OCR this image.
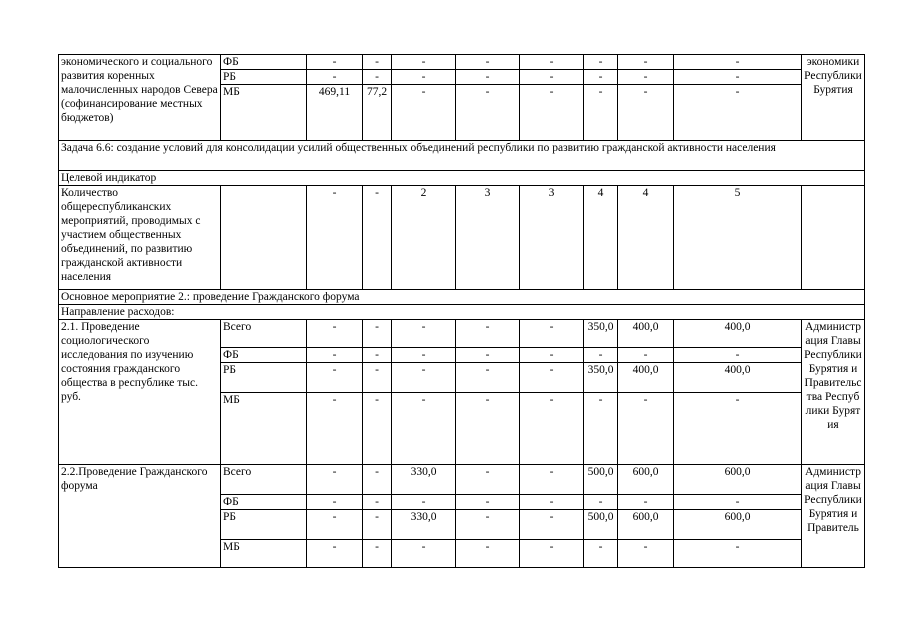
экономического и социального развития коренных малочисленных народов Севера (софинансирование местных бюджетов)	ФБ	-	-	-	-	-	-	-	-	экономики Республики Бурятия
	РБ	-	-	-	-	-	-	-	-	
	МБ	469,11	77,2	-	-	-	-	-	-	
Задача 6.6: создание условий для консолидации усилий общественных объединений республики по развитию гражданской активности населения										
Целевой индикатор										
Количество общереспубликанских мероприятий, проводимых с участием общественных объединений, по развитию гражданской активности населения		-	-	2	3	3	4	4	5	
Основное мероприятие 2.: проведение Гражданского форума										
Направление расходов:										
2.1. Проведение социологического исследования по изучению состояния гражданского общества в республике тыс. руб.	Всего	-	-	-	-	-	350,0	400,0	400,0	Администрация Главы Республики Бурятия и Правительства Республики Бурятия
	ФБ	-	-	-	-	-	-	-	-	
	РБ	-	-	-	-	-	350,0	400,0	400,0	
	МБ	-	-	-	-	-	-	-	-	
2.2.Проведение Гражданского форума	Всего	-	-	330,0	-	-	500,0	600,0	600,0	Администрация Главы Республики Бурятия и Правитель
	ФБ	-	-	-	-	-	-	-	-	
	РБ	-	-	330,0	-	-	500,0	600,0	600,0	
	МБ	-	-	-	-	-	-	-	-	
